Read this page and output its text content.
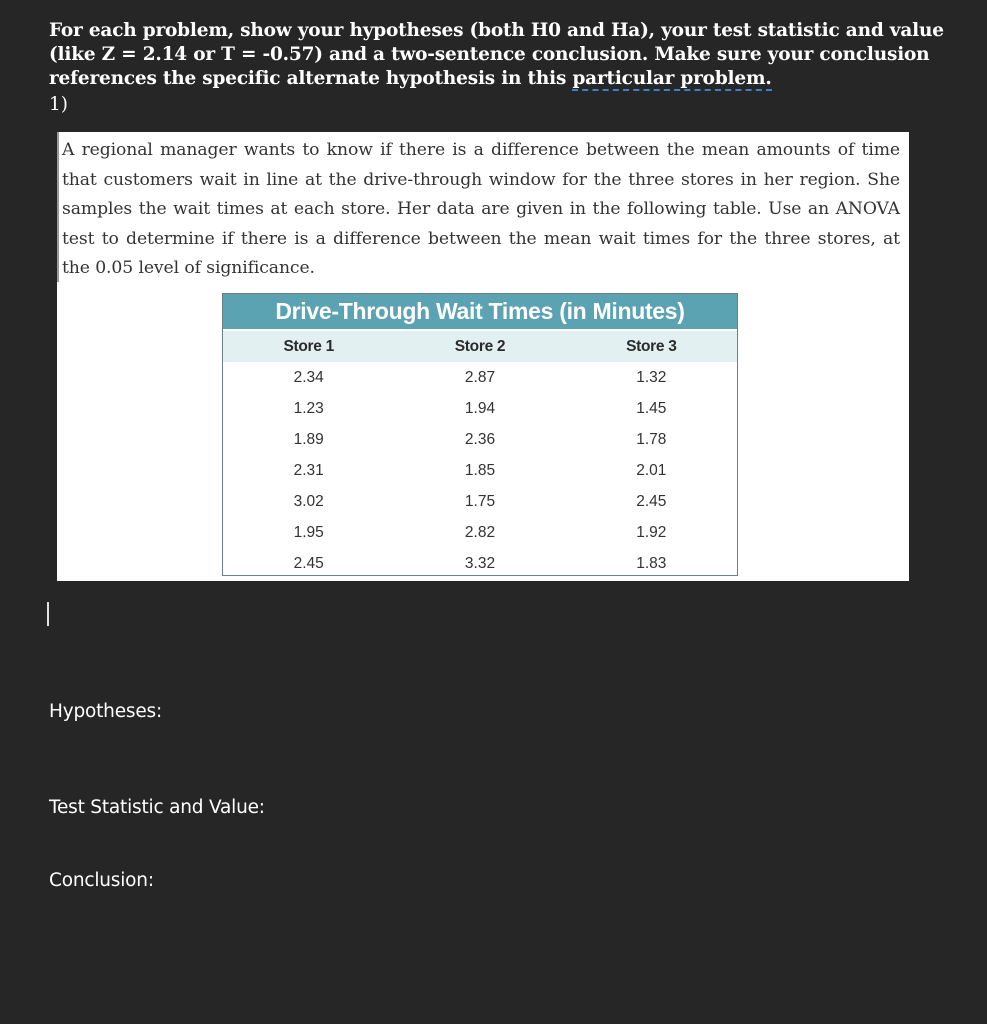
For each problem, show your hypotheses (both H0 and Ha), your test statistic and value (like Z = 2.14 or T = -0.57) and a two-sentence conclusion. Make sure your conclusion references the specific alternate hypothesis in this particular problem.
1)
A regional manager wants to know if there is a difference between the mean amounts of time that customers wait in line at the drive-through window for the three stores in her region. She samples the wait times at each store. Her data are given in the following table. Use an ANOVA test to determine if there is a difference between the mean wait times for the three stores, at the 0.05 level of significance.
Drive-Through Wait Times (in Minutes)
Store 1	Store 2	Store 3
2.34	2.87	1.32
1.23	1.94	1.45
1.89	2.36	1.78
2.31	1.85	2.01
3.02	1.75	2.45
1.95	2.82	1.92
2.45	3.32	1.83
Hypotheses:
Test Statistic and Value:
Conclusion:
